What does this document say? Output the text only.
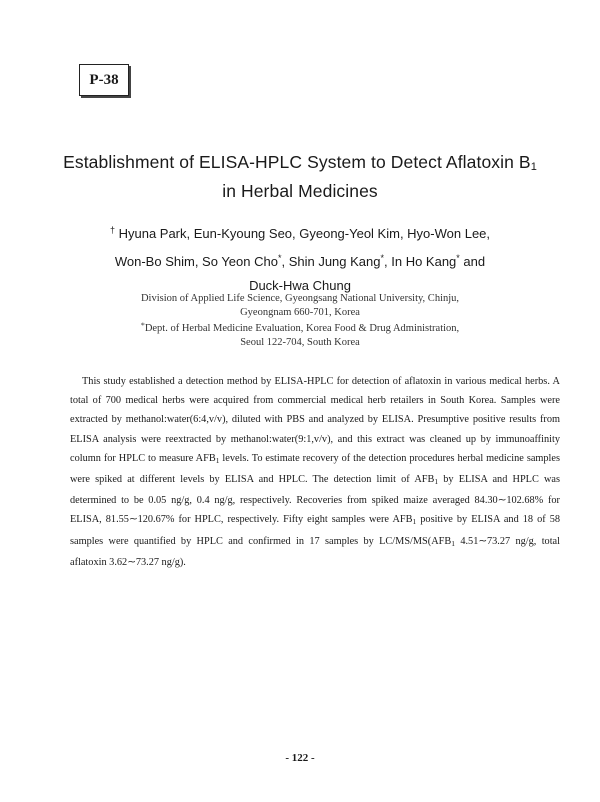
P-38
Establishment of ELISA-HPLC System to Detect Aflatoxin $B_1$
in Herbal Medicines
† Hyuna Park, Eun-Kyoung Seo, Gyeong-Yeol Kim, Hyo-Won Lee,
Won-Bo Shim, So Yeon Cho*, Shin Jung Kang*, In Ho Kang* and
Duck-Hwa Chung
Division of Applied Life Science, Gyeongsang National University, Chinju,
Gyeongnam 660-701, Korea
*Dept. of Herbal Medicine Evaluation, Korea Food & Drug Administration,
Seoul 122-704, South Korea
This study established a detection method by ELISA-HPLC for detection of aflatoxin in various medical herbs. A total of 700 medical herbs were acquired from commercial medical herb retailers in South Korea. Samples were extracted by methanol:water(6:4,v/v), diluted with PBS and analyzed by ELISA. Presumptive positive results from ELISA analysis were reextracted by methanol:water(9:1,v/v), and this extract was cleaned up by immunoaffinity column for HPLC to measure $AFB_1$ levels. To estimate recovery of the detection procedures herbal medicine samples were spiked at different levels by ELISA and HPLC. The detection limit of $AFB_1$ by ELISA and HPLC was determined to be 0.05 ng/g, 0.4 ng/g, respectively. Recoveries from spiked maize averaged 84.30∼102.68% for ELISA, 81.55∼120.67% for HPLC, respectively. Fifty eight samples were $AFB_1$ positive by ELISA and 18 of 58 samples were quantified by HPLC and confirmed in 17 samples by $LC/MS/MS(AFB_1$ 4.51∼73.27 ng/g, total aflatoxin 3.62∼73.27 ng/g).
- 122 -
